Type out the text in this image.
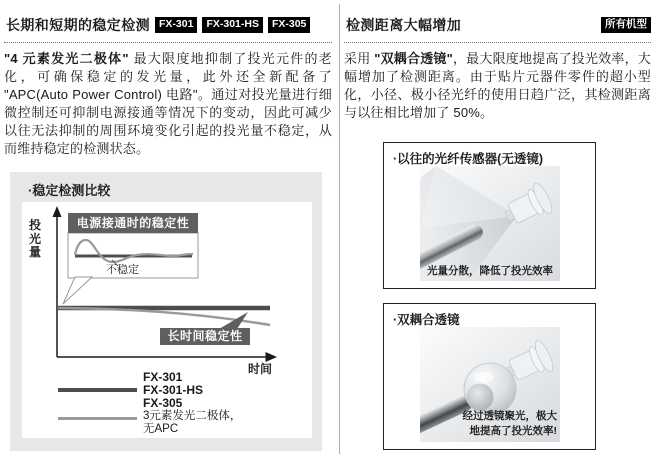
长期和短期的稳定检测 FX-301	FX-301-HS	FX-305

"4 元素发光二极体" 最大限度地抑制了投光元件的老化，可确保稳定的发光量，此外还全新配备了 "APC(Auto Power Control) 电路"。通过对投光量进行细微控制还可抑制电源接通等情况下的变动，因此可减少以往无法抑制的周围环境变化引起的投光量不稳定，从而维持稳定的检测状态。

检测距离大幅增加	所有机型

采用 "双耦合透镜"，最大限度地提高了投光效率，大幅增加了检测距离。由于贴片元器件零件的超小型化，小径、极小径光纤的使用日趋广泛，其检测距离与以往相比增加了 50%。

·稳定检测比较
投光量
电源接通时的稳定性
不稳定
长时间稳定性
时间
FX-301
FX-301-HS
FX-305
3元素发光二极体，
无APC
·以往的光纤传感器(无透镜)
光量分散，降低了投光效率
·双耦合透镜
经过透镜聚光，极大
地提高了投光效率!
